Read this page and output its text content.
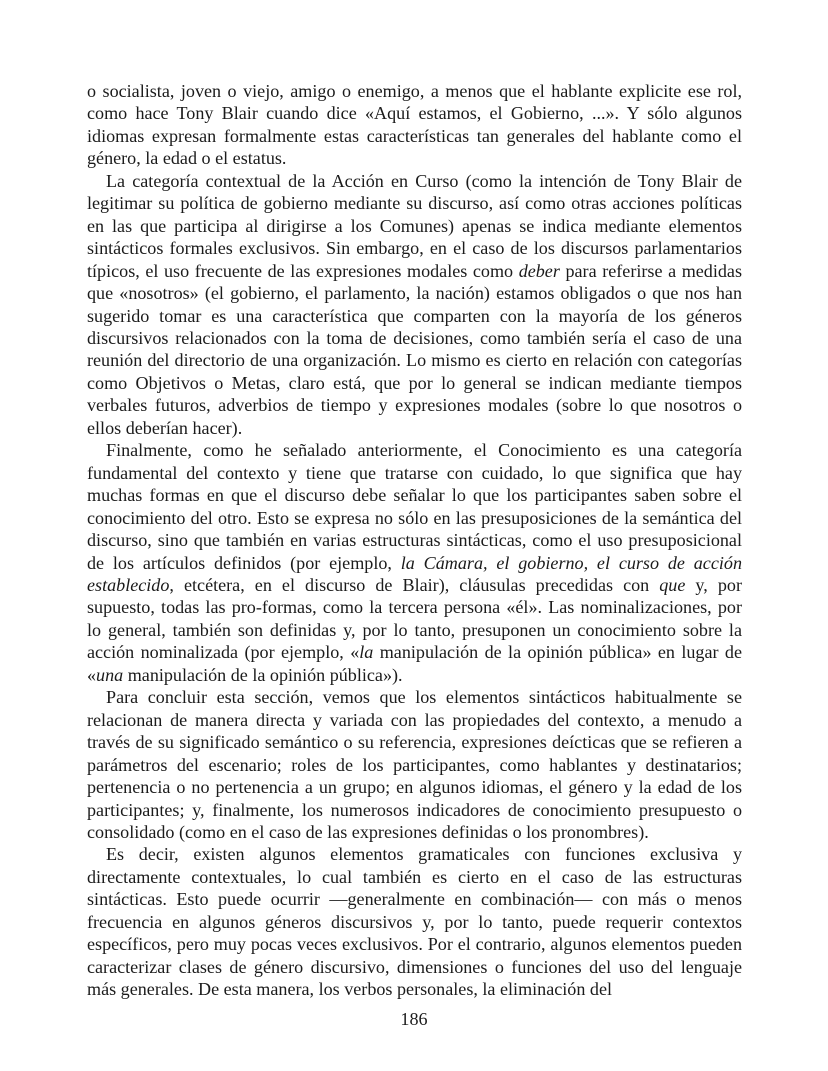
o socialista, joven o viejo, amigo o enemigo, a menos que el hablante explicite ese rol, como hace Tony Blair cuando dice «Aquí estamos, el Gobierno, ...». Y sólo algunos idiomas expresan formalmente estas características tan generales del hablante como el género, la edad o el estatus.

La categoría contextual de la Acción en Curso (como la intención de Tony Blair de legitimar su política de gobierno mediante su discurso, así como otras acciones políticas en las que participa al dirigirse a los Comunes) apenas se indica mediante elementos sintácticos formales exclusivos. Sin embargo, en el caso de los discursos parlamentarios típicos, el uso frecuente de las expresiones modales como deber para referirse a medidas que «nosotros» (el gobierno, el parlamento, la nación) estamos obligados o que nos han sugerido tomar es una característica que comparten con la mayoría de los géneros discursivos relacionados con la toma de decisiones, como también sería el caso de una reunión del directorio de una organización. Lo mismo es cierto en relación con categorías como Objetivos o Metas, claro está, que por lo general se indican mediante tiempos verbales futuros, adverbios de tiempo y expresiones modales (sobre lo que nosotros o ellos deberían hacer).

Finalmente, como he señalado anteriormente, el Conocimiento es una categoría fundamental del contexto y tiene que tratarse con cuidado, lo que significa que hay muchas formas en que el discurso debe señalar lo que los participantes saben sobre el conocimiento del otro. Esto se expresa no sólo en las presuposiciones de la semántica del discurso, sino que también en varias estructuras sintácticas, como el uso presuposicional de los artículos definidos (por ejemplo, la Cámara, el gobierno, el curso de acción establecido, etcétera, en el discurso de Blair), cláusulas precedidas con que y, por supuesto, todas las pro-formas, como la tercera persona «él». Las nominalizaciones, por lo general, también son definidas y, por lo tanto, presuponen un conocimiento sobre la acción nominalizada (por ejemplo, «la manipulación de la opinión pública» en lugar de «una manipulación de la opinión pública»).

Para concluir esta sección, vemos que los elementos sintácticos habitualmente se relacionan de manera directa y variada con las propiedades del contexto, a menudo a través de su significado semántico o su referencia, expresiones deícticas que se refieren a parámetros del escenario; roles de los participantes, como hablantes y destinatarios; pertenencia o no pertenencia a un grupo; en algunos idiomas, el género y la edad de los participantes; y, finalmente, los numerosos indicadores de conocimiento presupuesto o consolidado (como en el caso de las expresiones definidas o los pronombres).

Es decir, existen algunos elementos gramaticales con funciones exclusiva y directamente contextuales, lo cual también es cierto en el caso de las estructuras sintácticas. Esto puede ocurrir —generalmente en combinación— con más o menos frecuencia en algunos géneros discursivos y, por lo tanto, puede requerir contextos específicos, pero muy pocas veces exclusivos. Por el contrario, algunos elementos pueden caracterizar clases de género discursivo, dimensiones o funciones del uso del lenguaje más generales. De esta manera, los verbos personales, la eliminación del

186
